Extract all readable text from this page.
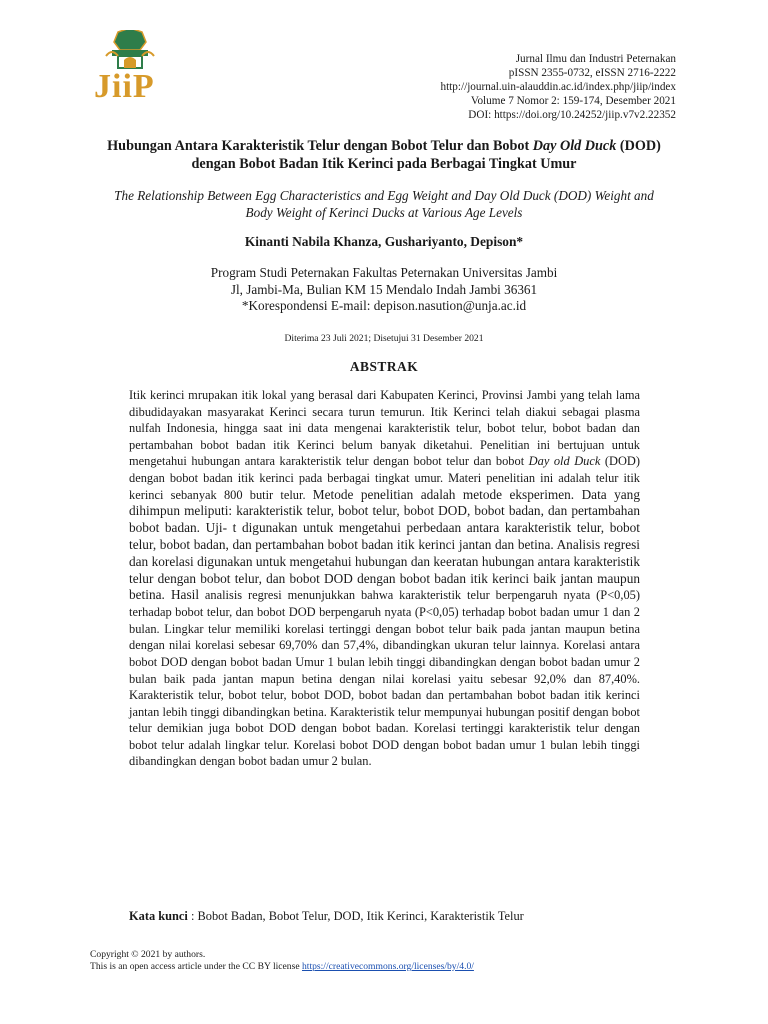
JiiP
Jurnal Ilmu dan Industri Peternakan
pISSN 2355-0732, eISSN 2716-2222
http://journal.uin-alauddin.ac.id/index.php/jiip/index
Volume 7 Nomor 2: 159-174, Desember 2021
DOI: https://doi.org/10.24252/jiip.v7v2.22352
Hubungan Antara Karakteristik Telur dengan Bobot Telur dan Bobot Day Old Duck (DOD) dengan Bobot Badan Itik Kerinci pada Berbagai Tingkat Umur
The Relationship Between Egg Characteristics and Egg Weight and Day Old Duck (DOD) Weight and Body Weight of Kerinci Ducks at Various Age Levels
Kinanti Nabila Khanza, Gushariyanto, Depison*
Program Studi Peternakan Fakultas Peternakan Universitas Jambi
Jl, Jambi-Ma, Bulian KM 15 Mendalo Indah Jambi 36361
*Korespondensi E-mail: depison.nasution@unja.ac.id
Diterima 23 Juli 2021; Disetujui 31 Desember 2021
ABSTRAK
Itik kerinci mrupakan itik lokal yang berasal dari Kabupaten Kerinci, Provinsi Jambi yang telah lama dibudidayakan masyarakat Kerinci secara turun temurun. Itik Kerinci telah diakui sebagai plasma nulfah Indonesia, hingga saat ini data mengenai karakteristik telur, bobot telur, bobot badan dan pertambahan bobot badan itik Kerinci belum banyak diketahui. Penelitian ini bertujuan untuk mengetahui hubungan antara karakteristik telur dengan bobot telur dan bobot Day old Duck (DOD) dengan bobot badan itik kerinci pada berbagai tingkat umur. Materi penelitian ini adalah telur itik kerinci sebanyak 800 butir telur. Metode penelitian adalah metode eksperimen. Data yang dihimpun meliputi: karakteristik telur, bobot telur, bobot DOD, bobot badan, dan pertambahan bobot badan. Uji- t digunakan untuk mengetahui perbedaan antara karakteristik telur, bobot telur, bobot badan, dan pertambahan bobot badan itik kerinci jantan dan betina. Analisis regresi dan korelasi digunakan untuk mengetahui hubungan dan keeratan hubungan antara karakteristik telur dengan bobot telur, dan bobot DOD dengan bobot badan itik kerinci baik jantan maupun betina. Hasil analisis regresi menunjukkan bahwa karakteristik telur berpengaruh nyata (P<0,05) terhadap bobot telur, dan bobot DOD berpengaruh nyata (P<0,05) terhadap bobot badan umur 1 dan 2 bulan. Lingkar telur memiliki korelasi tertinggi dengan bobot telur baik pada jantan maupun betina dengan nilai korelasi sebesar 69,70% dan 57,4%, dibandingkan ukuran telur lainnya. Korelasi antara bobot DOD dengan bobot badan Umur 1 bulan lebih tinggi dibandingkan dengan bobot badan umur 2 bulan baik pada jantan mapun betina dengan nilai korelasi yaitu sebesar 92,0% dan 87,40%. Karakteristik telur, bobot telur, bobot DOD, bobot badan dan pertambahan bobot badan itik kerinci jantan lebih tinggi dibandingkan betina. Karakteristik telur mempunyai hubungan positif dengan bobot telur demikian juga bobot DOD dengan bobot badan. Korelasi tertinggi karakteristik telur dengan bobot telur adalah lingkar telur. Korelasi bobot DOD dengan bobot badan umur 1 bulan lebih tinggi dibandingkan dengan bobot badan umur 2 bulan.
Kata kunci : Bobot Badan, Bobot Telur, DOD, Itik Kerinci, Karakteristik Telur
Copyright © 2021 by authors.
This is an open access article under the CC BY license https://creativecommons.org/licenses/by/4.0/
